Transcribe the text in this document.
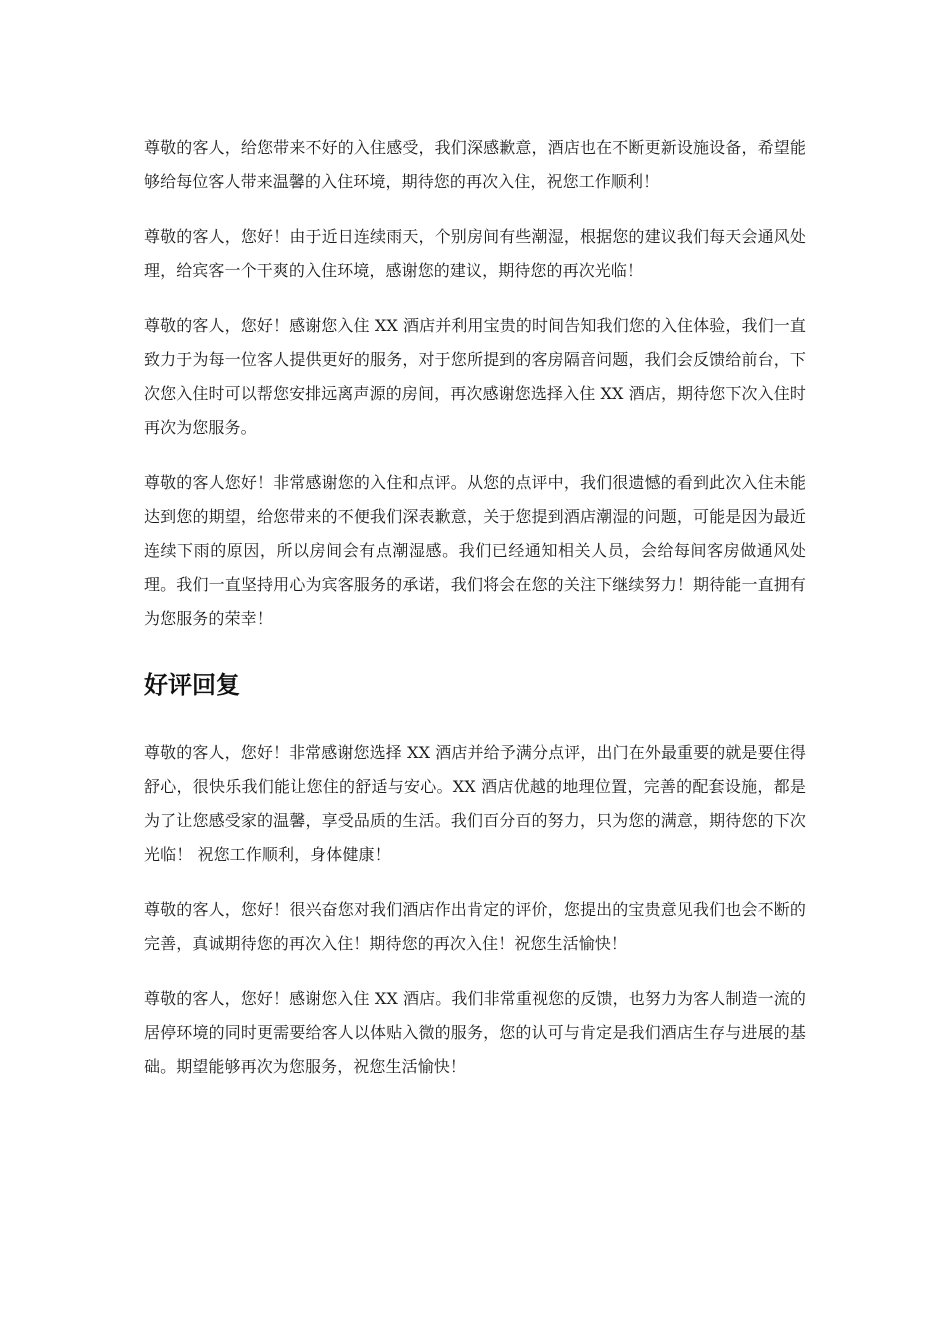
尊敬的客人，给您带来不好的入住感受，我们深感歉意，酒店也在不断更新设施设备，希望能够给每位客人带来温馨的入住环境，期待您的再次入住，祝您工作顺利！

尊敬的客人，您好！由于近日连续雨天，个别房间有些潮湿，根据您的建议我们每天会通风处理，给宾客一个干爽的入住环境，感谢您的建议，期待您的再次光临！

尊敬的客人，您好！感谢您入住 XX 酒店并利用宝贵的时间告知我们您的入住体验，我们一直致力于为每一位客人提供更好的服务，对于您所提到的客房隔音问题，我们会反馈给前台，下次您入住时可以帮您安排远离声源的房间，再次感谢您选择入住 XX 酒店，期待您下次入住时再次为您服务。

尊敬的客人您好！非常感谢您的入住和点评。从您的点评中，我们很遗憾的看到此次入住未能达到您的期望，给您带来的不便我们深表歉意，关于您提到酒店潮湿的问题，可能是因为最近连续下雨的原因，所以房间会有点潮湿感。我们已经通知相关人员，会给每间客房做通风处理。我们一直坚持用心为宾客服务的承诺，我们将会在您的关注下继续努力！期待能一直拥有为您服务的荣幸！

好评回复

尊敬的客人，您好！非常感谢您选择 XX 酒店并给予满分点评，出门在外最重要的就是要住得舒心，很快乐我们能让您住的舒适与安心。XX 酒店优越的地理位置，完善的配套设施，都是为了让您感受家的温馨，享受品质的生活。我们百分百的努力，只为您的满意，期待您的下次光临！ 祝您工作顺利，身体健康！

尊敬的客人，您好！很兴奋您对我们酒店作出肯定的评价，您提出的宝贵意见我们也会不断的完善，真诚期待您的再次入住！期待您的再次入住！祝您生活愉快！

尊敬的客人，您好！感谢您入住 XX 酒店。我们非常重视您的反馈，也努力为客人制造一流的居停环境的同时更需要给客人以体贴入微的服务，您的认可与肯定是我们酒店生存与进展的基础。期望能够再次为您服务，祝您生活愉快！
